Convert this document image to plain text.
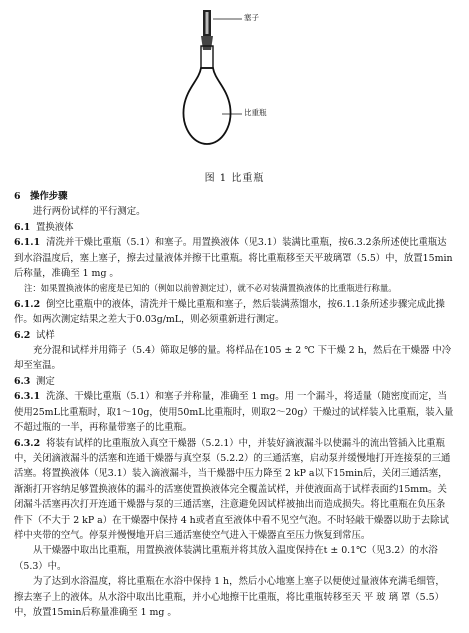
塞子
比重瓶
图 1 比重瓶

6 操作步骤

进行两份试样的平行测定。

6.1 置换液体

6.1.1 清洗并干燥比重瓶（5.1）和塞子。用置换液体（见3.1）装满比重瓶，按6.3.2条所述使比重瓶达到水浴温度后，塞上塞子，擦去过量液体并擦干比重瓶。将比重瓶移至天平玻璃罩（5.5）中，放置15min后称量，准确至 1 mg 。

注：如果置换液体的密度是已知的（例如以前曾测定过），就不必对装满置换液体的比重瓶进行称量。

6.1.2 倒空比重瓶中的液体，清洗并干燥比重瓶和塞子，然后装满蒸馏水，按6.1.1条所述步骤完成此操作。如两次测定结果之差大于0.03g/mL，则必须重新进行测定。

6.2 试样

充分混和试样并用筛子（5.4）筛取足够的量。将样品在105 ± 2 ℃ 下干燥 2 h，然后在干燥器 中冷却至室温。

6.3 测定

6.3.1 洗涤、干燥比重瓶（5.1）和塞子并称量，准确至 1 mg。用 一个漏斗，将适量（随密度而定，当使用25mL比重瓶时，取1～10g，使用50mL比重瓶时，则取2～20g）干燥过的试样装入比重瓶，装入量不超过瓶的一半，再称量带塞子的比重瓶。

6.3.2 将装有试样的比重瓶放入真空干燥器（5.2.1）中，并装好滴液漏斗以使漏斗的流出管插入比重瓶中，关闭滴液漏斗的活塞和连通干燥器与真空泵（5.2.2）的三通活塞，启动泵并缓慢地打开连接泵的三通活塞。将置换液体（见3.1）装入滴液漏斗，当干燥器中压力降至 2 kP a以下15min后，关闭三通活塞，渐渐打开容纳足够置换液体的漏斗的活塞使置换液体完全覆盖试样，并使液面高于试样表面约15mm。关闭漏斗活塞再次打开连通干燥器与泵的三通活塞，注意避免因试样被抽出而造成损失。将比重瓶在负压条件下（不大于 2 kP a）在干燥器中保持 4 h或者直至液体中看不见空气泡。不时轻敲干燥器以助于去除试样中夹带的空气。停泵并慢慢地开启三通活塞使空气进入干燥器直至压力恢复到常压。

从干燥器中取出比重瓶，用置换液体装满比重瓶并将其放入温度保持在t ± 0.1℃（见3.2）的水浴（5.3）中。

为了达到水浴温度，将比重瓶在水浴中保持 1 h，然后小心地塞上塞子以便使过量液体充满毛细管，擦去塞子上的液体。从水浴中取出比重瓶，并小心地擦干比重瓶，将比重瓶转移至天 平 玻 璃 罩（5.5）中，放置15min后称量准确至 1 mg 。
